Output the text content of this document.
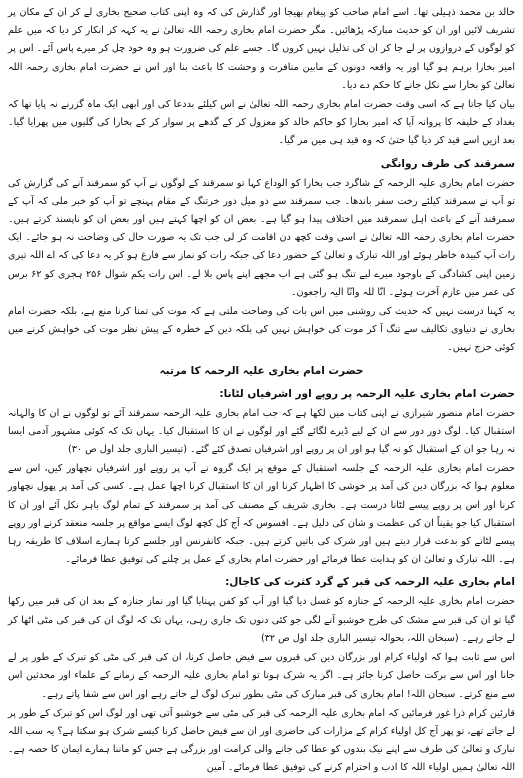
خالد بن محمد ذہیلی تھا۔ اسے امام صاحب کو پیغام بھیجا اور گذارش کی کہ وہ اپنی کتاب صحیح بخاری لے کر ان کے مکان پر تشریف لائیں اور ان کو حدیث مبارکہ پڑھائیں۔ مگر حضرت امام بخاری رحمہ اللہ تعالیٰ نے یہ کہہ کر انکار کر دیا کہ میں علم کو لوگوں کے دروازوں پر لے جا کر ان کی تذلیل نہیں کروں گا۔ جسے علم کی ضرورت ہو وہ خود چل کر میرے پاس آئے۔ اس پر امیر بخارا برہم ہو گیا اور یہ واقعہ دونوں کے مابین منافرت و وحشت کا باعث بنا اور اس نے حضرت امام بخاری رحمہ اللہ تعالیٰ کو بخارا سے نکل جانے کا حکم دے دیا۔

بیان کیا جاتا ہے کہ اسی وقت حضرت امام بخاری رحمہ اللہ تعالیٰ نے اس کیلئے بددعا کی اور ابھی ایک ماہ گزرنے نہ پایا تھا کہ بغداد کے خلیفہ کا پروانہ آیا کہ امیر بخارا کو حاکم خالد کو معزول کر کے گدھے پر سوار کر کے بخارا کی گلیوں میں پھرایا گیا۔ بعد ازیں اسے قید کر دیا گیا حتیٰ کہ وہ قید ہی میں مر گیا۔

سمرقند کی طرف روانگی

حضرت امام بخاری علیہ الرحمہ کے شاگرد جب بخارا کو الوداع کہا تو سمرقند کے لوگوں نے آپ کو سمرقند آنے کی گزارش کی تو آپ نے سمرقند کیلئے رخت سفر باندھا۔ جب سمرقند سے دو میل دور خرتنگ کے مقام پہنچے تو آپ کو خبر ملی کہ آپ کے سمرقند آنے کے باعث اہل سمرقند میں اختلاف پیدا ہو گیا ہے۔ بعض ان کو اچھا کہتے ہیں اور بعض ان کو ناپسند کرتے ہیں۔ حضرت امام بخاری رحمہ اللہ تعالیٰ نے اسی وقت کچھ دن اقامت کر لی جب تک یہ صورت حال کی وضاحت نہ ہو جائے۔ ایک رات آپ کبیدہ خاطر ہوئے اور اللہ تبارک و تعالیٰ کے حضور دعا کی جبکہ رات کو نماز سے فارغ ہو کر یہ دعا کی کہ اے اللہ تیری زمین اپنی کشادگی کے باوجود میرے لیے تنگ ہو گئی ہے اب مجھے اپنے پاس بلا لے۔ اس رات یکم شوال ۲۵۶ ہجری کو ۶۲ برس کی عمر میں عازم آخرت ہوئے۔ انّا للہ وانّا الیہ راجعون۔

یہ کہنا درست نہیں کہ حدیث کی روشنی میں اس بات کی وضاحت ملتی ہے کہ موت کی تمنا کرنا منع ہے، بلکہ حضرت امام بخاری نے دنیاوی تکالیف سے تنگ آ کر موت کی خواہش نہیں کی بلکہ دین کے خطرہ کے پیش نظر موت کی خواہش کرنے میں کوئی حرج نہیں۔

حضرت امام بخاری علیہ الرحمہ کا مرتبہ
حضرت امام بخاری علیہ الرحمہ پر روپے اور اشرفیاں لٹانا:

حضرت امام منصور شیرازی نے اپنی کتاب میں لکھا ہے کہ جب امام بخاری علیہ الرحمہ سمرقند آئے تو لوگوں نے ان کا والہانہ استقبال کیا۔ لوگ دور دور سے ان کے لیے ڈیرے لگائے گئے اور لوگوں نے ان کا استقبال کیا۔ یہاں تک کہ کوئی مشہور آدمی ایسا نہ رہا جو ان کے استقبال کو نہ گیا ہو اور ان پر روپے اور اشرفیاں تصدق کئے گئے۔ (تیسیر الباری جلد اول ص ۳۰)

حضرت امام بخاری علیہ الرحمہ کے جلسہ استقبال کے موقع پر ایک گروہ نے آپ پر روپے اور اشرفیاں نچھاور کیں، اس سے معلوم ہوا کہ بزرگان دین کی آمد پر خوشی کا اظہار کرنا اور ان کا استقبال کرنا اچھا عمل ہے۔ کسی کی آمد پر پھول نچھاور کرنا اور اس پر روپے پیسے لٹانا درست ہے۔ بخاری شریف کے مصنف کی آمد پر سمرقند کے تمام لوگ باہر نکل آئے اور ان کا استقبال کیا جو یقیناً ان کی عظمت و شان کی دلیل ہے۔ افسوس کہ آج کل کچھ لوگ ایسے مواقع پر جلسہ منعقد کرنے اور روپے پیسے لٹانے کو بدعت قرار دیتے ہیں اور شرک کی باتیں کرتے ہیں۔ جبکہ کانفرنس اور جلسے کرنا ہمارے اسلاف کا طریقہ رہا ہے۔ اللہ تبارک و تعالیٰ ان کو ہدایت عطا فرمائے اور حضرت امام بخاری کے عمل پر چلنے کی توفیق عطا فرمائے۔

امام بخاری علیہ الرحمہ کی قبر کے گرد کثرت کی کاجال:

حضرت امام بخاری علیہ الرحمہ کے جنازہ کو غسل دیا گیا اور آپ کو کفن پہنایا گیا اور نماز جنازہ کے بعد ان کی قبر میں رکھا گیا تو ان کی قبر سے مشک کی طرح خوشبو آنے لگی جو کئی دنوں تک جاری رہی، یہاں تک کہ لوگ ان کی قبر کی مٹی اٹھا کر لے جاتے رہے۔ (سبحان اللہ، بحوالہ تیسیر الباری جلد اول ص ۳۲)

اس سے ثابت ہوا کہ اولیاء کرام اور بزرگان دین کی قبروں سے فیض حاصل کرنا، ان کی قبر کی مٹی کو تبرک کے طور پر لے جانا اور اس سے برکت حاصل کرنا جائز ہے۔ اگر یہ شرک ہوتا تو امام بخاری علیہ الرحمہ کے زمانے کے علماء اور محدثین اس سے منع کرتے۔ سبحان اللہ! امام بخاری کی قبر مبارک کی مٹی بطور تبرک لوگ لے جاتے رہے اور اس سے شفا پاتے رہے۔

قارئین کرام ذرا غور فرمائیں کہ امام بخاری علیہ الرحمہ کی قبر کی مٹی سے خوشبو آتی تھی اور لوگ اس کو تبرک کے طور پر لے جاتے تھے، تو پھر آج کل اولیاء کرام کے مزارات کی حاضری اور ان سے فیض حاصل کرنا کیسے شرک ہو سکتا ہے؟ یہ سب اللہ تبارک و تعالیٰ کی طرف سے اپنے نیک بندوں کو عطا کی جانے والی کرامت اور بزرگی ہے جس کو ماننا ہمارے ایمان کا حصہ ہے۔ اللہ تعالیٰ ہمیں اولیاء اللہ کا ادب و احترام کرنے کی توفیق عطا فرمائے۔ آمین
